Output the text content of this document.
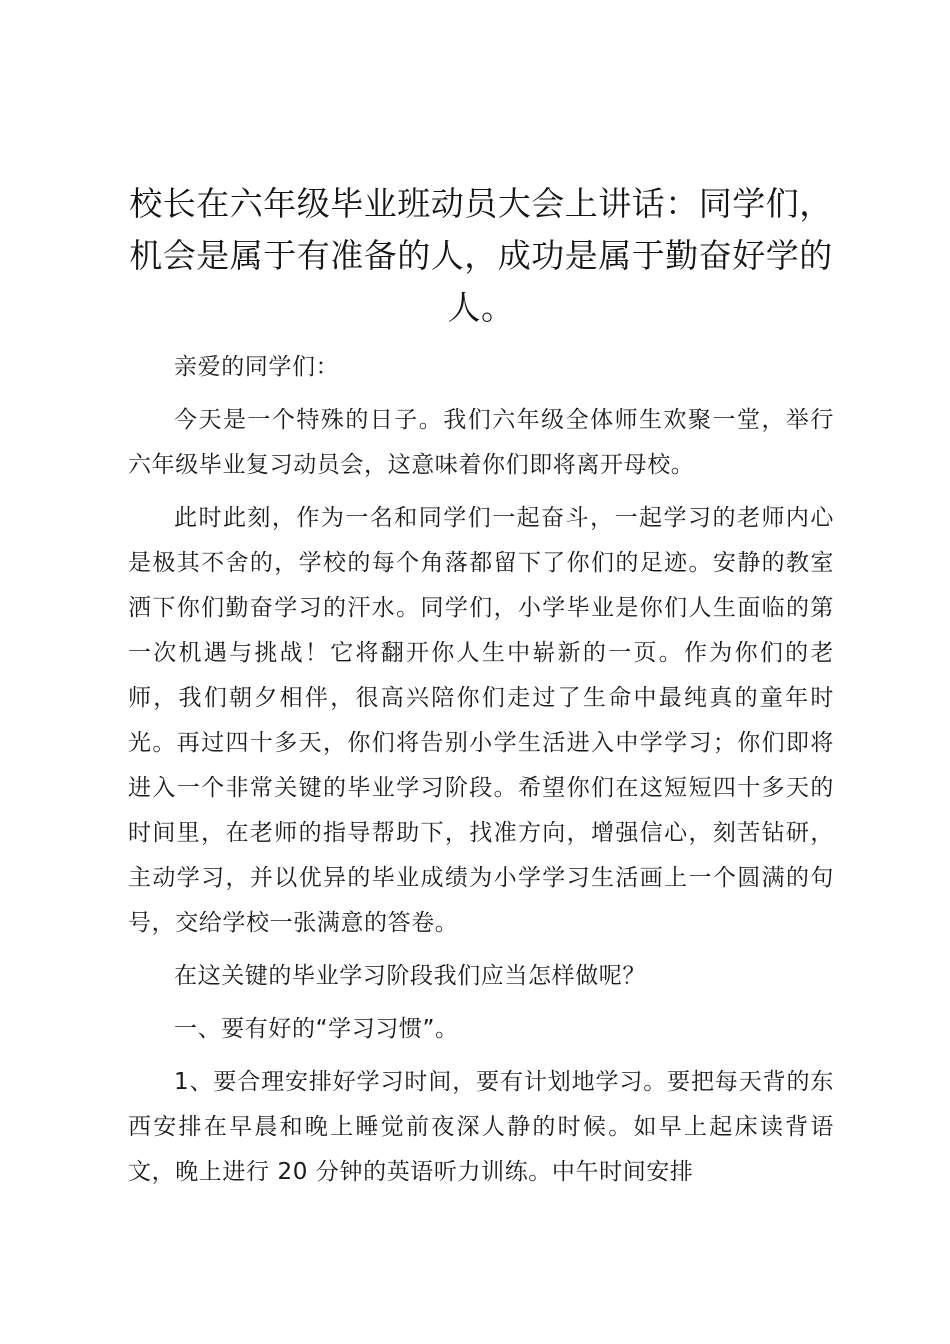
校长在六年级毕业班动员大会上讲话：同学们，机会是属于有准备的人，成功是属于勤奋好学的人。

亲爱的同学们：

今天是一个特殊的日子。我们六年级全体师生欢聚一堂，举行六年级毕业复习动员会，这意味着你们即将离开母校。

此时此刻，作为一名和同学们一起奋斗，一起学习的老师内心是极其不舍的，学校的每个角落都留下了你们的足迹。安静的教室洒下你们勤奋学习的汗水。同学们，小学毕业是你们人生面临的第一次机遇与挑战！它将翻开你人生中崭新的一页。作为你们的老师，我们朝夕相伴，很高兴陪你们走过了生命中最纯真的童年时光。再过四十多天，你们将告别小学生活进入中学学习；你们即将进入一个非常关键的毕业学习阶段。希望你们在这短短四十多天的时间里，在老师的指导帮助下，找准方向，增强信心，刻苦钻研，主动学习，并以优异的毕业成绩为小学学习生活画上一个圆满的句号，交给学校一张满意的答卷。

在这关键的毕业学习阶段我们应当怎样做呢？

一、要有好的“学习习惯”。

1、要合理安排好学习时间，要有计划地学习。要把每天背的东西安排在早晨和晚上睡觉前夜深人静的时候。如早上起床读背语文，晚上进行 20 分钟的英语听力训练。中午时间安排
